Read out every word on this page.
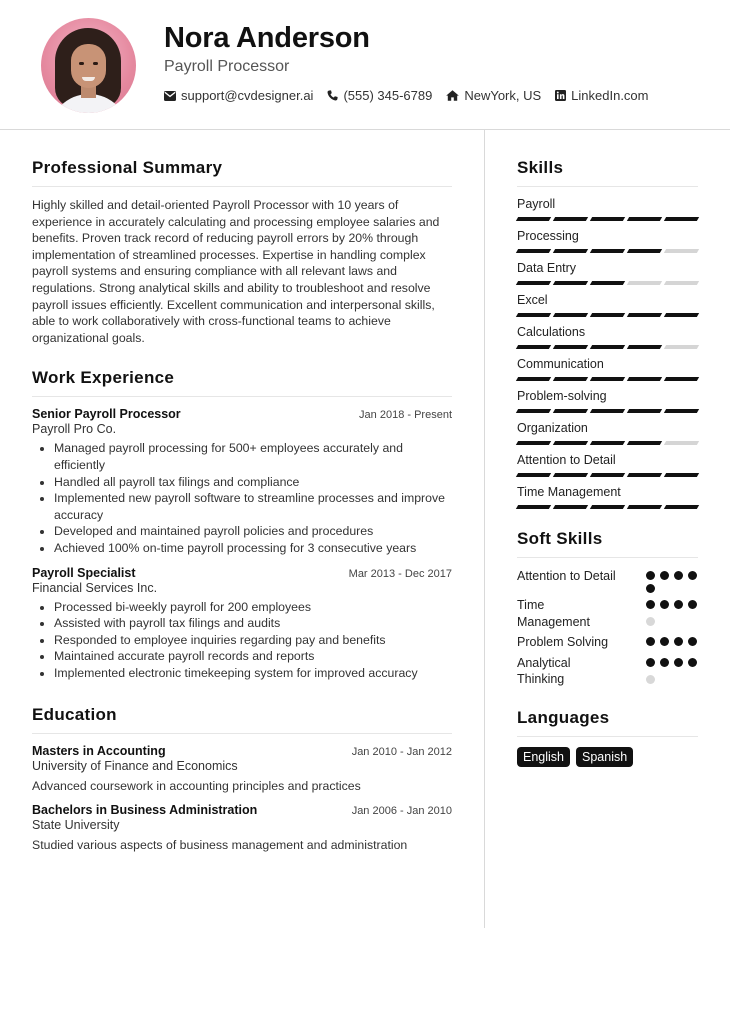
Nora Anderson
Payroll Processor
support@cvdesigner.ai (555) 345-6789 NewYork, US LinkedIn.com
Professional Summary

Highly skilled and detail-oriented Payroll Processor with 10 years of experience in accurately calculating and processing employee salaries and benefits. Proven track record of reducing payroll errors by 20% through implementation of streamlined processes. Expertise in handling complex payroll systems and ensuring compliance with all relevant laws and regulations. Strong analytical skills and ability to troubleshoot and resolve payroll issues efficiently. Excellent communication and interpersonal skills, able to work collaboratively with cross-functional teams to achieve organizational goals.

Work Experience
Senior Payroll Processor	Jan 2018 - Present
Payroll Pro Co.
• Managed payroll processing for 500+ employees accurately and efficiently
• Handled all payroll tax filings and compliance
• Implemented new payroll software to streamline processes and improve accuracy
• Developed and maintained payroll policies and procedures
• Achieved 100% on-time payroll processing for 3 consecutive years
Payroll Specialist	Mar 2013 - Dec 2017
Financial Services Inc.
• Processed bi-weekly payroll for 200 employees
• Assisted with payroll tax filings and audits
• Responded to employee inquiries regarding pay and benefits
• Maintained accurate payroll records and reports
• Implemented electronic timekeeping system for improved accuracy
Education
Masters in Accounting	Jan 2010 - Jan 2012
University of Finance and Economics
Advanced coursework in accounting principles and practices
Bachelors in Business Administration	Jan 2006 - Jan 2010
State University
Studied various aspects of business management and administration
Skills
Payroll
Processing
Data Entry
Excel
Calculations
Communication
Problem-solving
Organization
Attention to Detail
Time Management
Soft Skills
Attention to Detail
Time Management
Problem Solving
Analytical Thinking
Languages
English	Spanish
